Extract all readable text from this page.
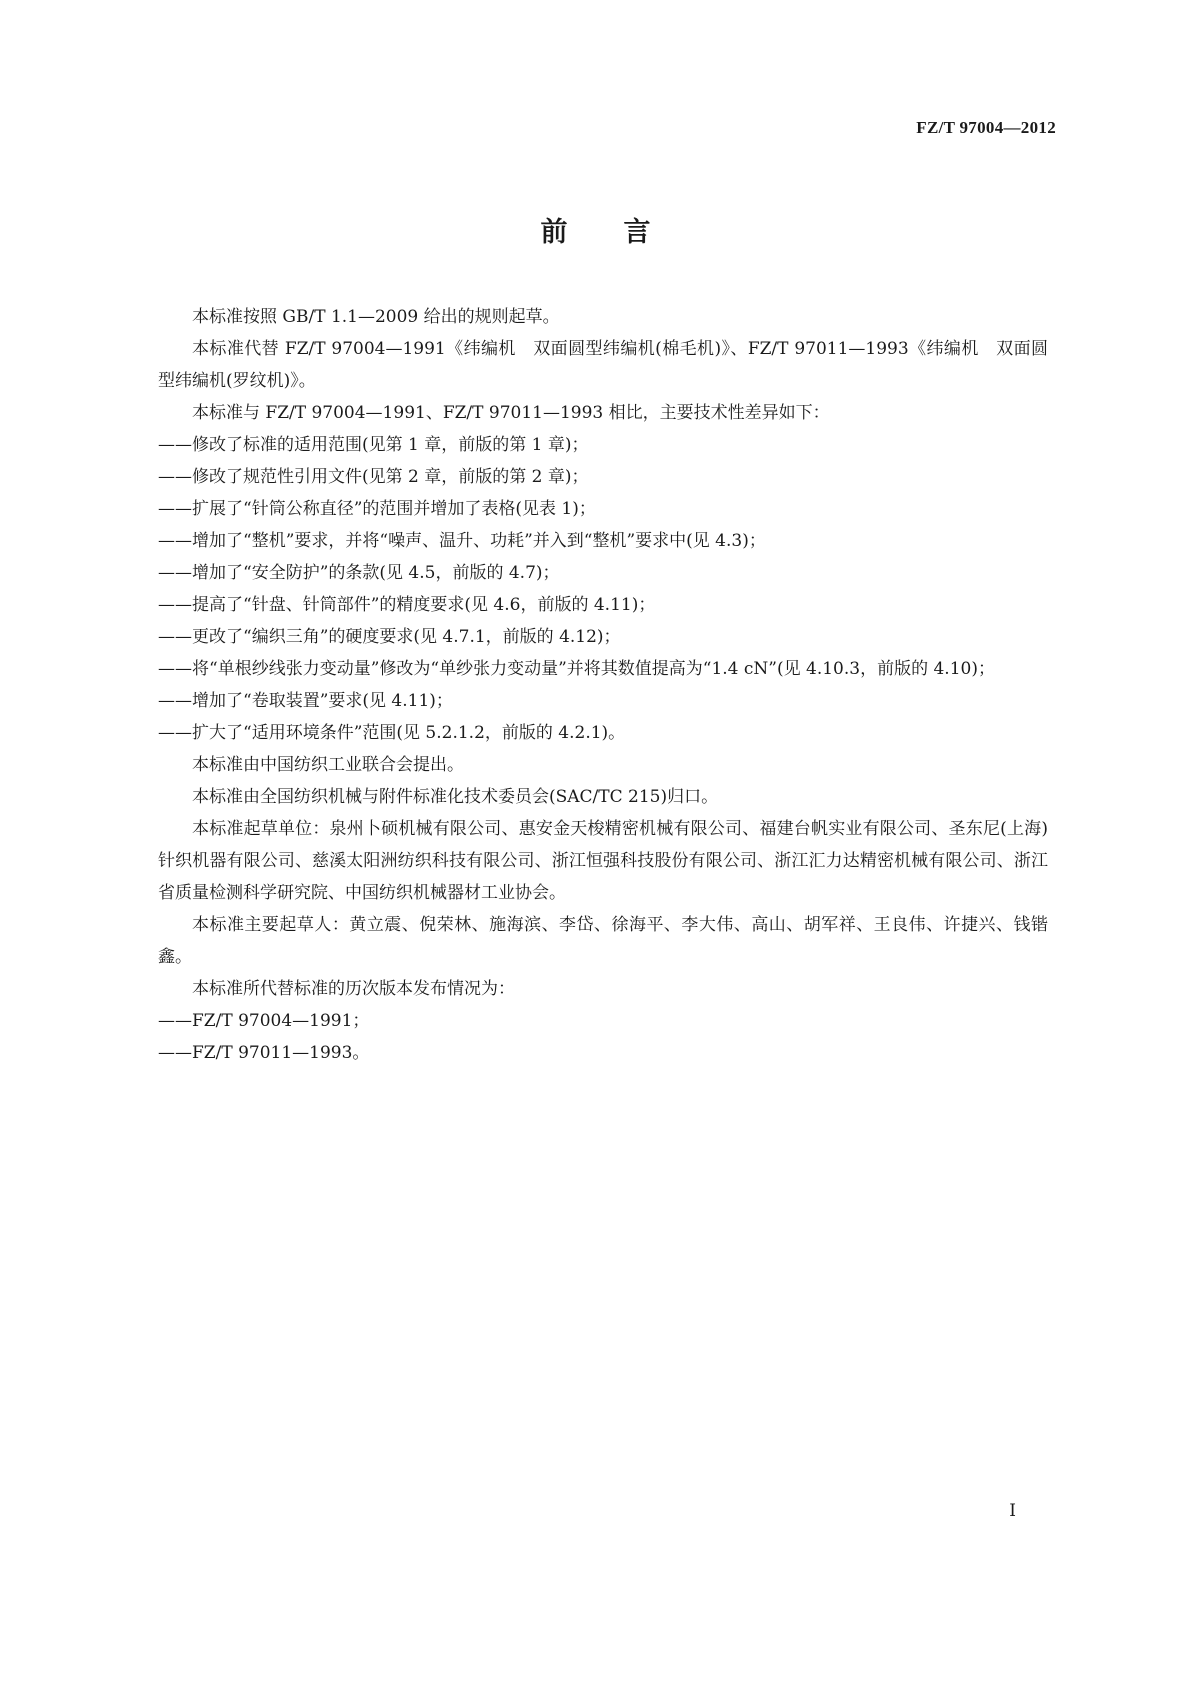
FZ/T 97004—2012
前言
本标准按照 GB/T 1.1—2009 给出的规则起草。
本标准代替 FZ/T 97004—1991《纬编机　双面圆型纬编机(棉毛机)》、FZ/T 97011—1993《纬编机　双面圆型纬编机(罗纹机)》。
本标准与 FZ/T 97004—1991、FZ/T 97011—1993 相比，主要技术性差异如下：
——修改了标准的适用范围(见第 1 章，前版的第 1 章)；
——修改了规范性引用文件(见第 2 章，前版的第 2 章)；
——扩展了“针筒公称直径”的范围并增加了表格(见表 1)；
——增加了“整机”要求，并将“噪声、温升、功耗”并入到“整机”要求中(见 4.3)；
——增加了“安全防护”的条款(见 4.5，前版的 4.7)；
——提高了“针盘、针筒部件”的精度要求(见 4.6，前版的 4.11)；
——更改了“编织三角”的硬度要求(见 4.7.1，前版的 4.12)；
——将“单根纱线张力变动量”修改为“单纱张力变动量”并将其数值提高为“1.4 cN”(见 4.10.3，前版的 4.10)；
——增加了“卷取装置”要求(见 4.11)；
——扩大了“适用环境条件”范围(见 5.2.1.2，前版的 4.2.1)。
本标准由中国纺织工业联合会提出。
本标准由全国纺织机械与附件标准化技术委员会(SAC/TC 215)归口。
本标准起草单位：泉州卜硕机械有限公司、惠安金天梭精密机械有限公司、福建台帆实业有限公司、圣东尼(上海)针织机器有限公司、慈溪太阳洲纺织科技有限公司、浙江恒强科技股份有限公司、浙江汇力达精密机械有限公司、浙江省质量检测科学研究院、中国纺织机械器材工业协会。
本标准主要起草人：黄立震、倪荣林、施海滨、李岱、徐海平、李大伟、高山、胡军祥、王良伟、许捷兴、钱锴鑫。
本标准所代替标准的历次版本发布情况为：
——FZ/T 97004—1991；
——FZ/T 97011—1993。
I
